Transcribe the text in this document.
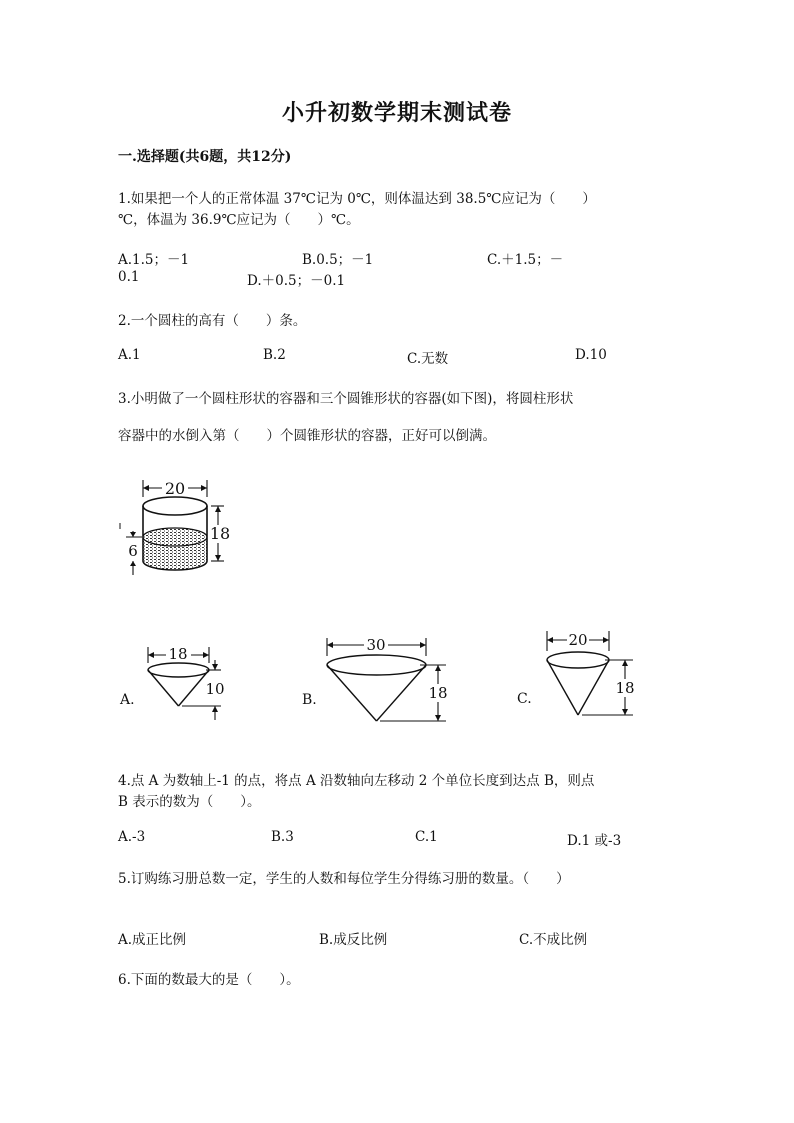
小升初数学期末测试卷
一.选择题(共6题，共12分)
1.如果把一个人的正常体温 37℃记为 0℃，则体温达到 38.5℃应记为（　　）
℃，体温为 36.9℃应记为（　　）℃。
A.1.5；－1	B.0.5；－1	C.＋1.5；－
0.1	D.＋0.5；－0.1
2.一个圆柱的高有（　　）条。
A.1	B.2	C.无数	D.10
3.小明做了一个圆柱形状的容器和三个圆锥形状的容器(如下图)，将圆柱形状
容器中的水倒入第（　　）个圆锥形状的容器，正好可以倒满。
20
18
6
A.
18
10
B.
30
18	C.
20
18
4.点 A 为数轴上-1 的点，将点 A 沿数轴向左移动 2 个单位长度到达点 B，则点
B 表示的数为（　　）。
A.-3	B.3	C.1	D.1 或-3
5.订购练习册总数一定，学生的人数和每位学生分得练习册的数量。（　　）
A.成正比例	B.成反比例	C.不成比例
6.下面的数最大的是（　　）。
